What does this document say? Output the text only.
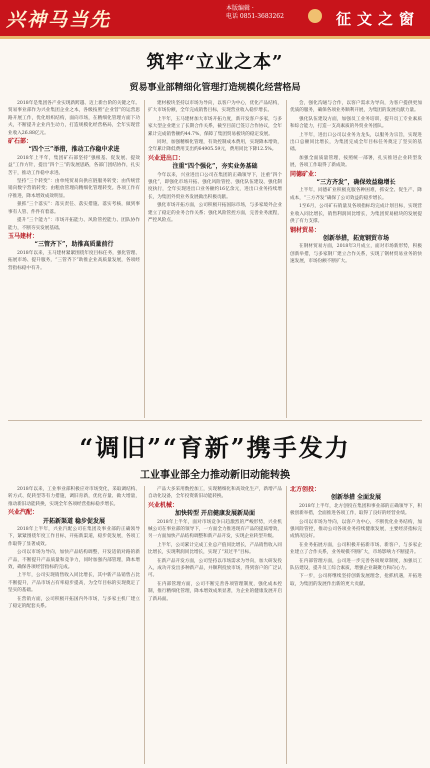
兴神马当先
本版编辑 ·
电话 0851-3683262	征文之窗
筑牢“立业之本”
贸易事业部精细化管理打造规模化经营格局

2018年是集团各产业实现新跨越、迈上新台阶的关键之年。贸易事业部作为兴业集团企业之本，各级按照“企业营”的运营思路开展工作，优化组织结构，面向市场，在精细化管理方面下功夫，不断提升企业内生动力，打造规模化经营格局，全年实现营业收入26.88亿元。

矿石部：

“四个三”举措，推动工作稳中求进

2018年上半年，集团矿石部坚持“强根基、促发展、提效益”工作方针，提出“四个三”的发展思路，各部门团结协作，扎实苦干，推动工作稳中求进。

坚持“三个转变”：由单纯贸易向供应链服务转变；由传统营销向数字营销转变；由粗放管理向精细化管理转变。各项工作有序推进，降本增效成效明显。

狠抓“三个落实”：落实责任、落实措施、落实考核，做到事事有人管、件件有着落。

提升“三个能力”：市场开拓能力、风险管控能力、团队协作能力，不断夯实发展基础。

玉马建材：

“三管齐下”，助推高质量前行

2018年以来，玉马建材紧紧围绕年度目标任务，强化管理、拓展市场、提升服务，“三管齐下”助推企业高质量发展，各项经营指标稳中有升。

建材板块坚持以市场为导向，以客户为中心，优化产品结构，扩大市场份额，全年完成销售目标，实现营业收入稳步增长。

上半年，玉马建材加大市场开拓力度，新开发客户多家，与多家大型企业建立了长期合作关系，截至目前已签订合作协议，全年累计完成销售额约44.7%，保障了集团贸易板块的稳定发展。

同时，加强精细化管理，有效控制成本费用，实现降本增效，全年累计降低费用支出约64905.59元，费用同比下降12.5%。

兴业进出口：

注重“四个强化”，夯实业务基础

今年以来，兴业进出口公司在集团的正确领导下，注重“四个强化”，即强化市场开拓、强化风险管控、强化队伍建设、强化制度执行，全年实现进出口业务额约16亿余元，进出口业务持续增长，为集团外贸业务发展做出积极贡献。

强化市场开拓方面，公司积极开拓国际市场，与多家境外企业建立了稳定的业务合作关系；强化风险管控方面，完善业务流程，严控风险点。

会，强化沟通与合作，以客户需求为导向，为客户提供更加优质的服务，确保各项业务顺利开展，为集团的发展贡献力量。

强化队伍建设方面，加强员工业务培训，提升员工专业素质和综合能力，打造一支高素质的外贸业务团队。

上半年，进出口公司以业务为龙头，以服务为宗旨，实现进出口总额同比增长，为集团完成全年目标任务奠定了坚实的基础。

加强全面质量管理，按照统一部署，扎实推进企业转型发展，各项工作取得了新成效。

同德矿业：

“三方齐发”，确保效益稳增长

上半年，同德矿业积极克服各种困难，抓安全、促生产、降成本，“三方齐发”确保了公司效益的稳步增长。

1至6月，公司矿石销量及各项指标均完成计划目标，实现营业收入同比增长，销售利润同比增长，为集团贸易板块的发展提供了有力支撑。

钢材贸易：

创新举措，拓宽钢贸市场

在钢材贸易方面，2018年3月成立，面对市场新形势，积极创新举措，与多家钢厂建立合作关系，实现了钢材贸易业务的快速发展，市场份额不断扩大。

“调旧”“育新”携手发力
工业事业部全力推动新旧动能转换

2018年以来，工业事业部积极应对市场变化，采取调结构、转方式、促转型等有力措施，调旧育新，优化存量、做大增量，推动新旧动能转换，实现全年各项经营指标稳步增长。

兴业汽配：

开拓新渠道 稳步促发展

2018年上半年，兴业汽配公司在集团及事业部的正确领导下，紧紧围绕年度工作目标，开拓新渠道，稳步促发展，各项工作取得了显著成效。

公司以市场为导向，加快产品结构调整，开发适销对路的新产品，不断提升产品质量和竞争力，同时加强内部管理，降本增效，确保各项经营指标的完成。

上半年，公司实现销售收入同比增长，其中新产品销售占比不断提升，产品市场占有率稳步提高，为全年目标的实现奠定了坚实的基础。

在营销方面，公司积极开拓国内外市场，与多家主机厂建立了稳定的配套关系。

产品大多采用数控加工，实现精细化和高效化生产，新增产品自动化设备，全年投资新旧动能转换。

兴业机械：

加快转型 开启健康发展新局面

2018年上半年，面对市场竞争日趋激烈的严峻形势，兴业机械公司在事业部的领导下，一方面全力推进现有产品的提质增效，另一方面加快产品结构调整和新产品开发，实现企业转型升级。

上半年，公司累计完成工业总产值同比增长，产品销售收入同比增长，实现利润同比增长，实现了“双过半”目标。

在新产品开发方面，公司坚持以市场需求为导向，加大研发投入，成功开发出多种新产品，并顺利投放市场，得到客户的广泛认可。

在内部管理方面，公司不断完善各项管理制度，强化成本控制，推行精细化管理，降本增效成果显著，为企业的健康发展开启了新局面。

北方创投：

创新举措 全面发展

2018年上半年，北方创投在集团和事业部的正确领导下，积极创新举措，全面推进各项工作，取得了良好的经营业绩。

公司以市场为导向，以客户为中心，不断优化业务结构，加强风险管控，推动公司各项业务持续健康发展，主要经济指标完成情况良好。

在业务拓展方面，公司积极开拓新市场、新客户，与多家企业建立了合作关系，业务规模不断扩大，市场影响力不断提升。

在内部管理方面，公司进一步完善各项规章制度，加强员工队伍建设，提升员工综合素质，增强企业凝聚力和向心力。

下一步，公司将继续坚持创新发展理念，抢抓机遇，开拓进取，为集团的发展作出新的更大贡献。
